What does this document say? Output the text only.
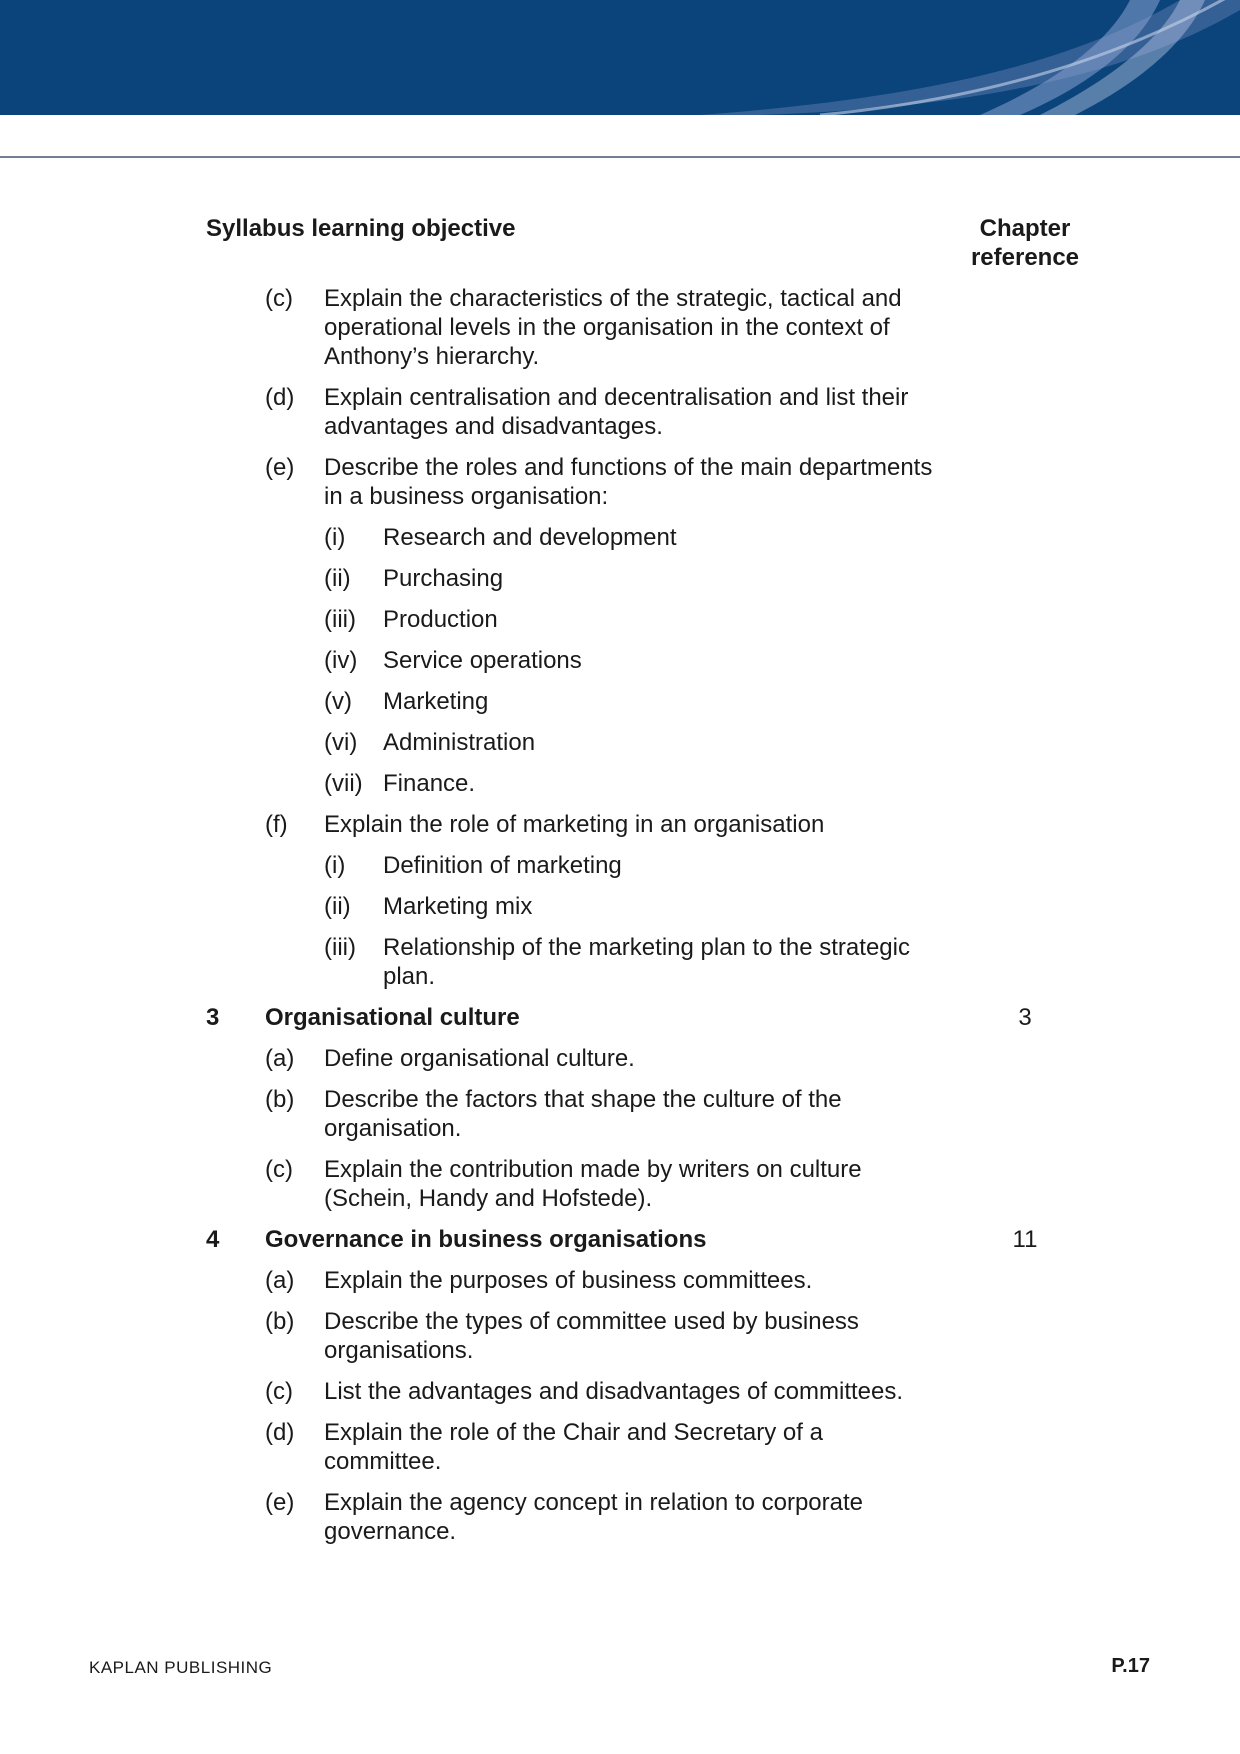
Syllabus learning objective	Chapter
reference
(c)	Explain the characteristics of the strategic, tactical and operational levels in the organisation in the context of Anthony’s hierarchy.
(d)	Explain centralisation and decentralisation and list their advantages and disadvantages.
(e)	Describe the roles and functions of the main departments in a business organisation:
(i)	Research and development
(ii)	Purchasing
(iii)	Production
(iv)	Service operations
(v)	Marketing
(vi)	Administration
(vii) Finance.
(f)	Explain the role of marketing in an organisation
(i)	Definition of marketing
(ii)	Marketing mix
(iii)	Relationship of the marketing plan to the strategic plan.
3	Organisational culture	3
(a)	Define organisational culture.
(b)	Describe the factors that shape the culture of the organisation.
(c)	Explain the contribution made by writers on culture (Schein, Handy and Hofstede).
4	Governance in business organisations	11
(a)	Explain the purposes of business committees.
(b)	Describe the types of committee used by business organisations.
(c)	List the advantages and disadvantages of committees.
(d)	Explain the role of the Chair and Secretary of a committee.
(e)	Explain the agency concept in relation to corporate governance.
KAPLAN PUBLISHING	P.17
